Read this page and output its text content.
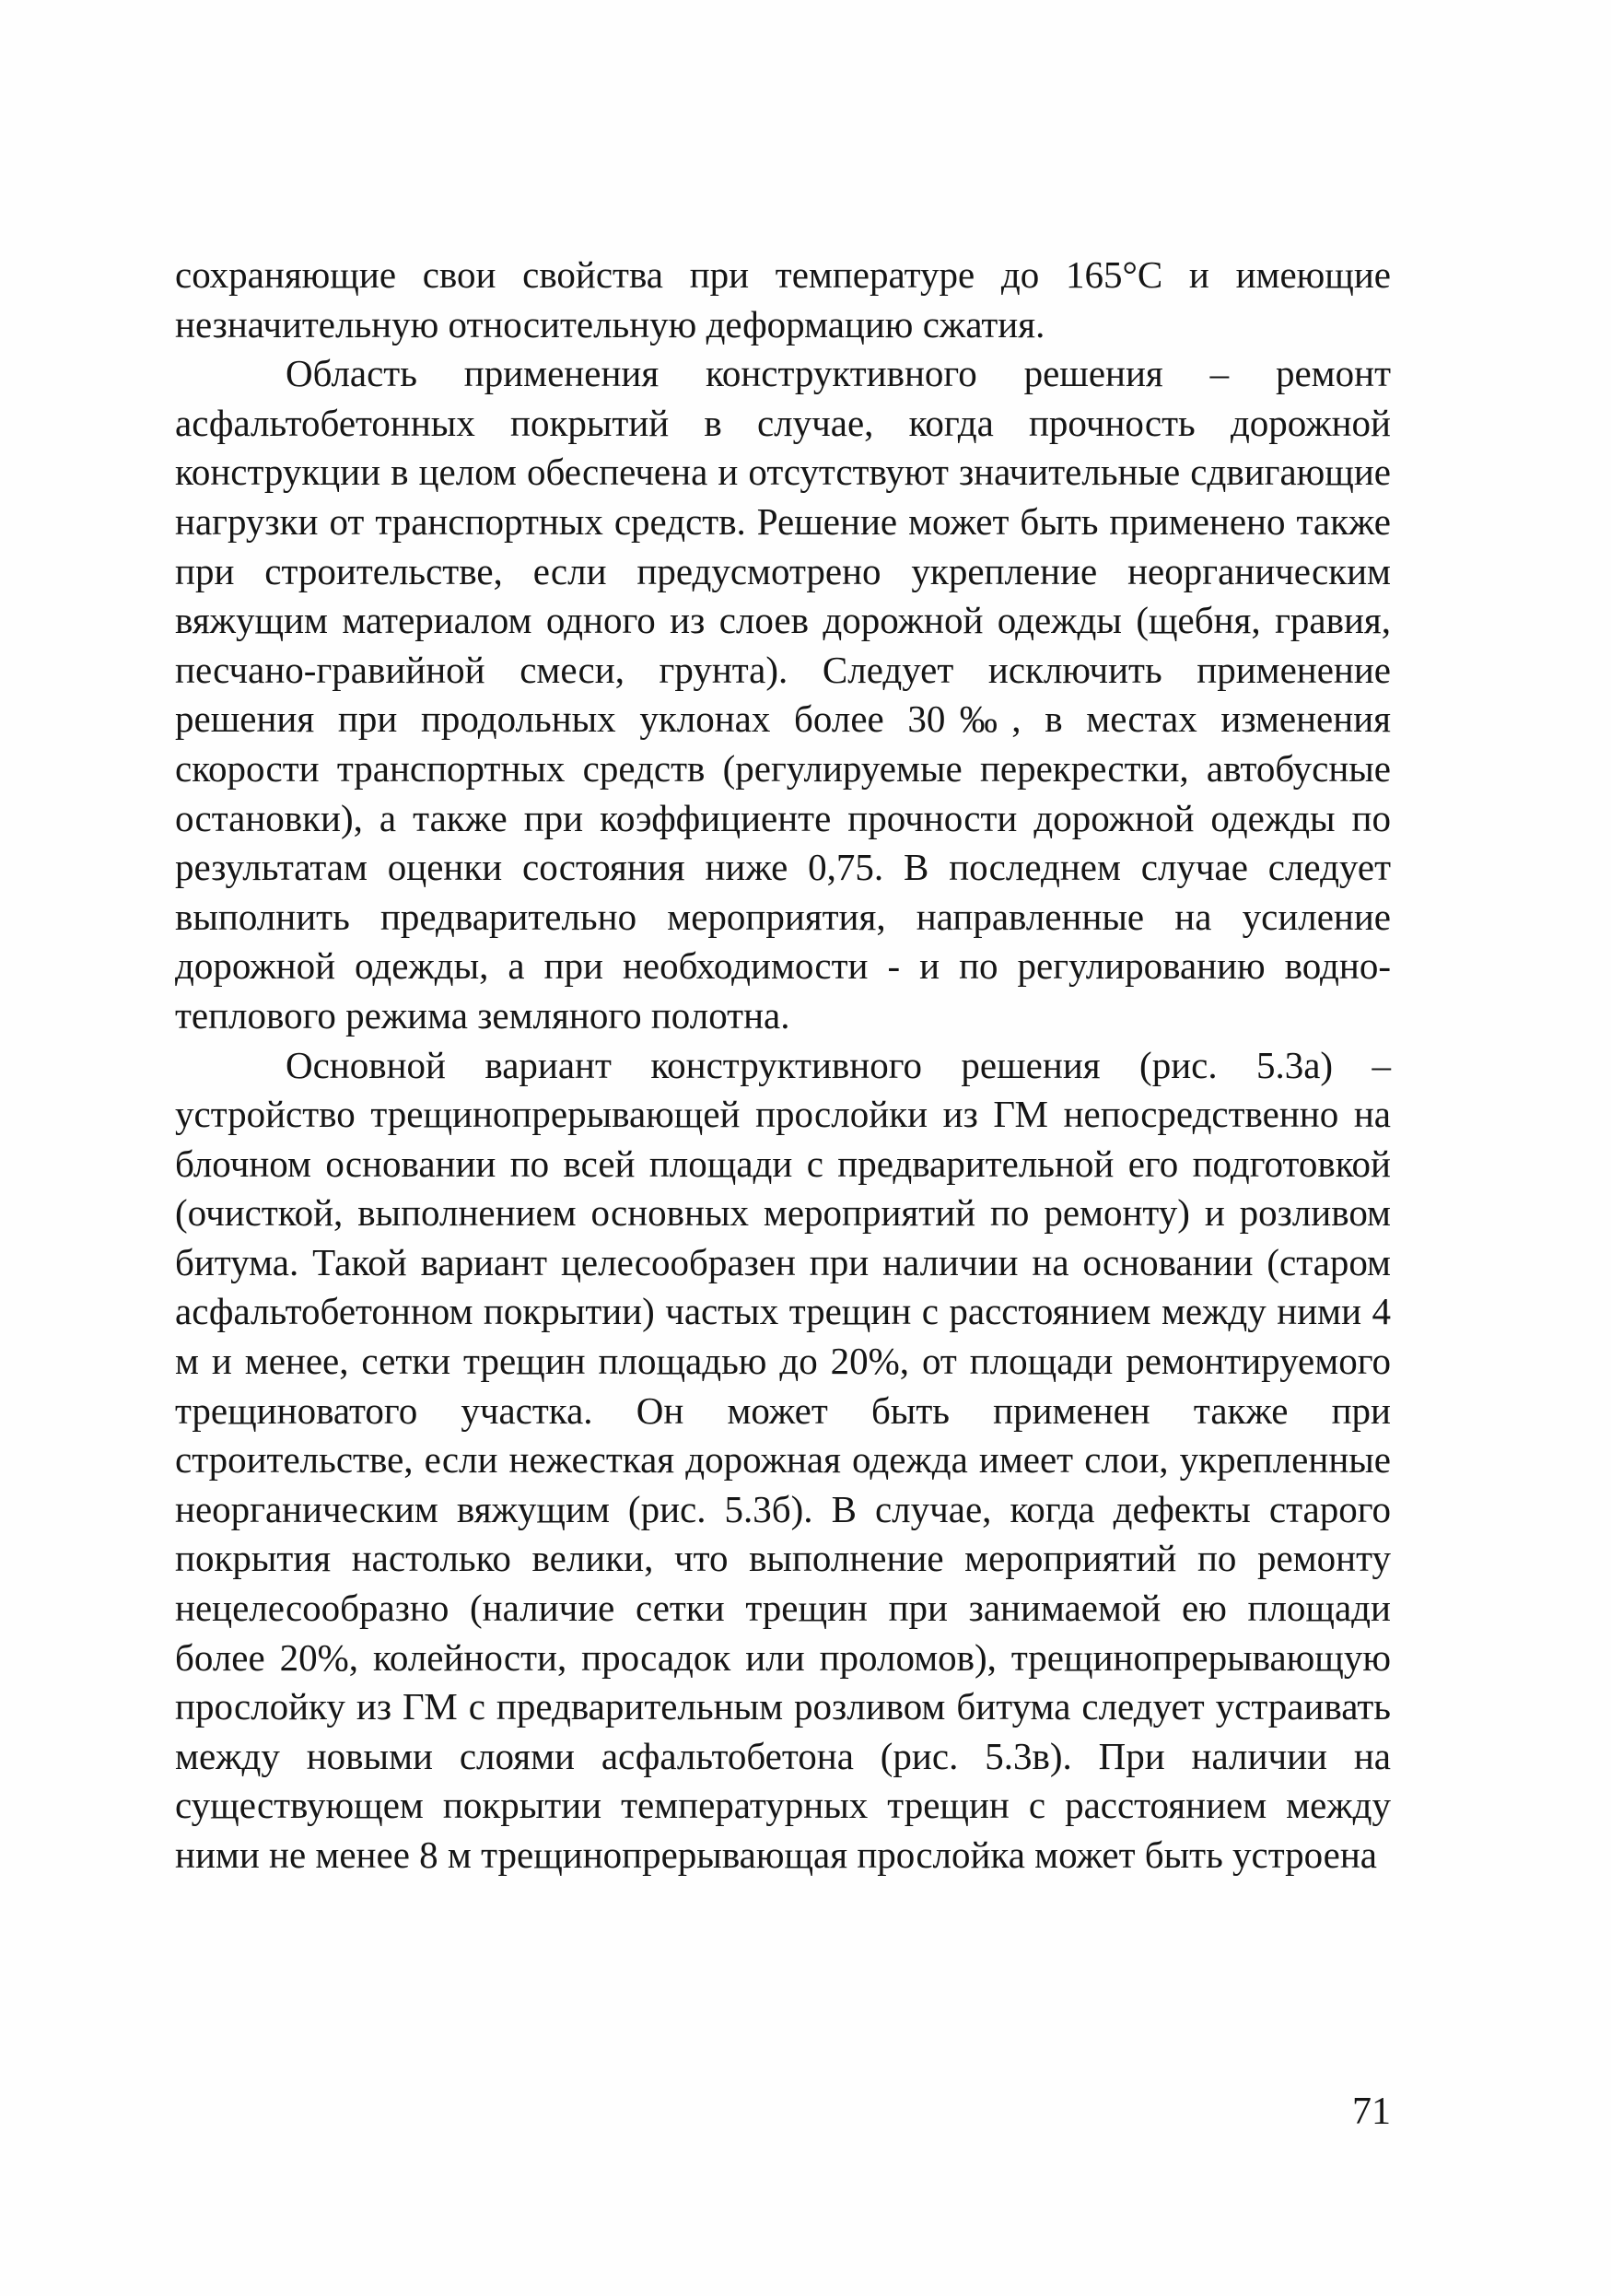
сохраняющие свои свойства при температуре до 165°С и имеющие незначительную относительную деформацию сжатия.

Область применения конструктивного решения – ремонт асфальтобетонных покрытий в случае, когда прочность дорожной конструкции в целом обеспечена и отсутствуют значительные сдвигающие нагрузки от транспортных средств. Решение может быть применено также при строительстве, если предусмотрено укрепление неорганическим вяжущим материалом одного из слоев дорожной одежды (щебня, гравия, песчано-гравийной смеси, грунта). Следует исключить применение решения при продольных уклонах более 30‰, в местах изменения скорости транспортных средств (регулируемые перекрестки, автобусные остановки), а также при коэффициенте прочности дорожной одежды по результатам оценки состояния ниже 0,75. В последнем случае следует выполнить предварительно мероприятия, направленные на усиление дорожной одежды, а при необходимости - и по регулированию водно-теплового режима земляного полотна.

Основной вариант конструктивного решения (рис. 5.3а) – устройство трещинопрерывающей прослойки из ГМ непосредственно на блочном основании по всей площади с предварительной его подготовкой (очисткой, выполнением основных мероприятий по ремонту) и розливом битума. Такой вариант целесообразен при наличии на основании (старом асфальтобетонном покрытии) частых трещин с расстоянием между ними 4 м и менее, сетки трещин площадью до 20%, от площади ремонтируемого трещиноватого участка. Он может быть применен также при строительстве, если нежесткая дорожная одежда имеет слои, укрепленные неорганическим вяжущим (рис. 5.3б). В случае, когда дефекты старого покрытия настолько велики, что выполнение мероприятий по ремонту нецелесообразно (наличие сетки трещин при занимаемой ею площади более 20%, колейности, просадок или проломов), трещинопрерывающую прослойку из ГМ с предварительным розливом битума следует устраивать между новыми слоями асфальтобетона (рис. 5.3в). При наличии на существующем покрытии температурных трещин с расстоянием между ними не менее 8 м трещинопрерывающая прослойка может быть устроена

71
